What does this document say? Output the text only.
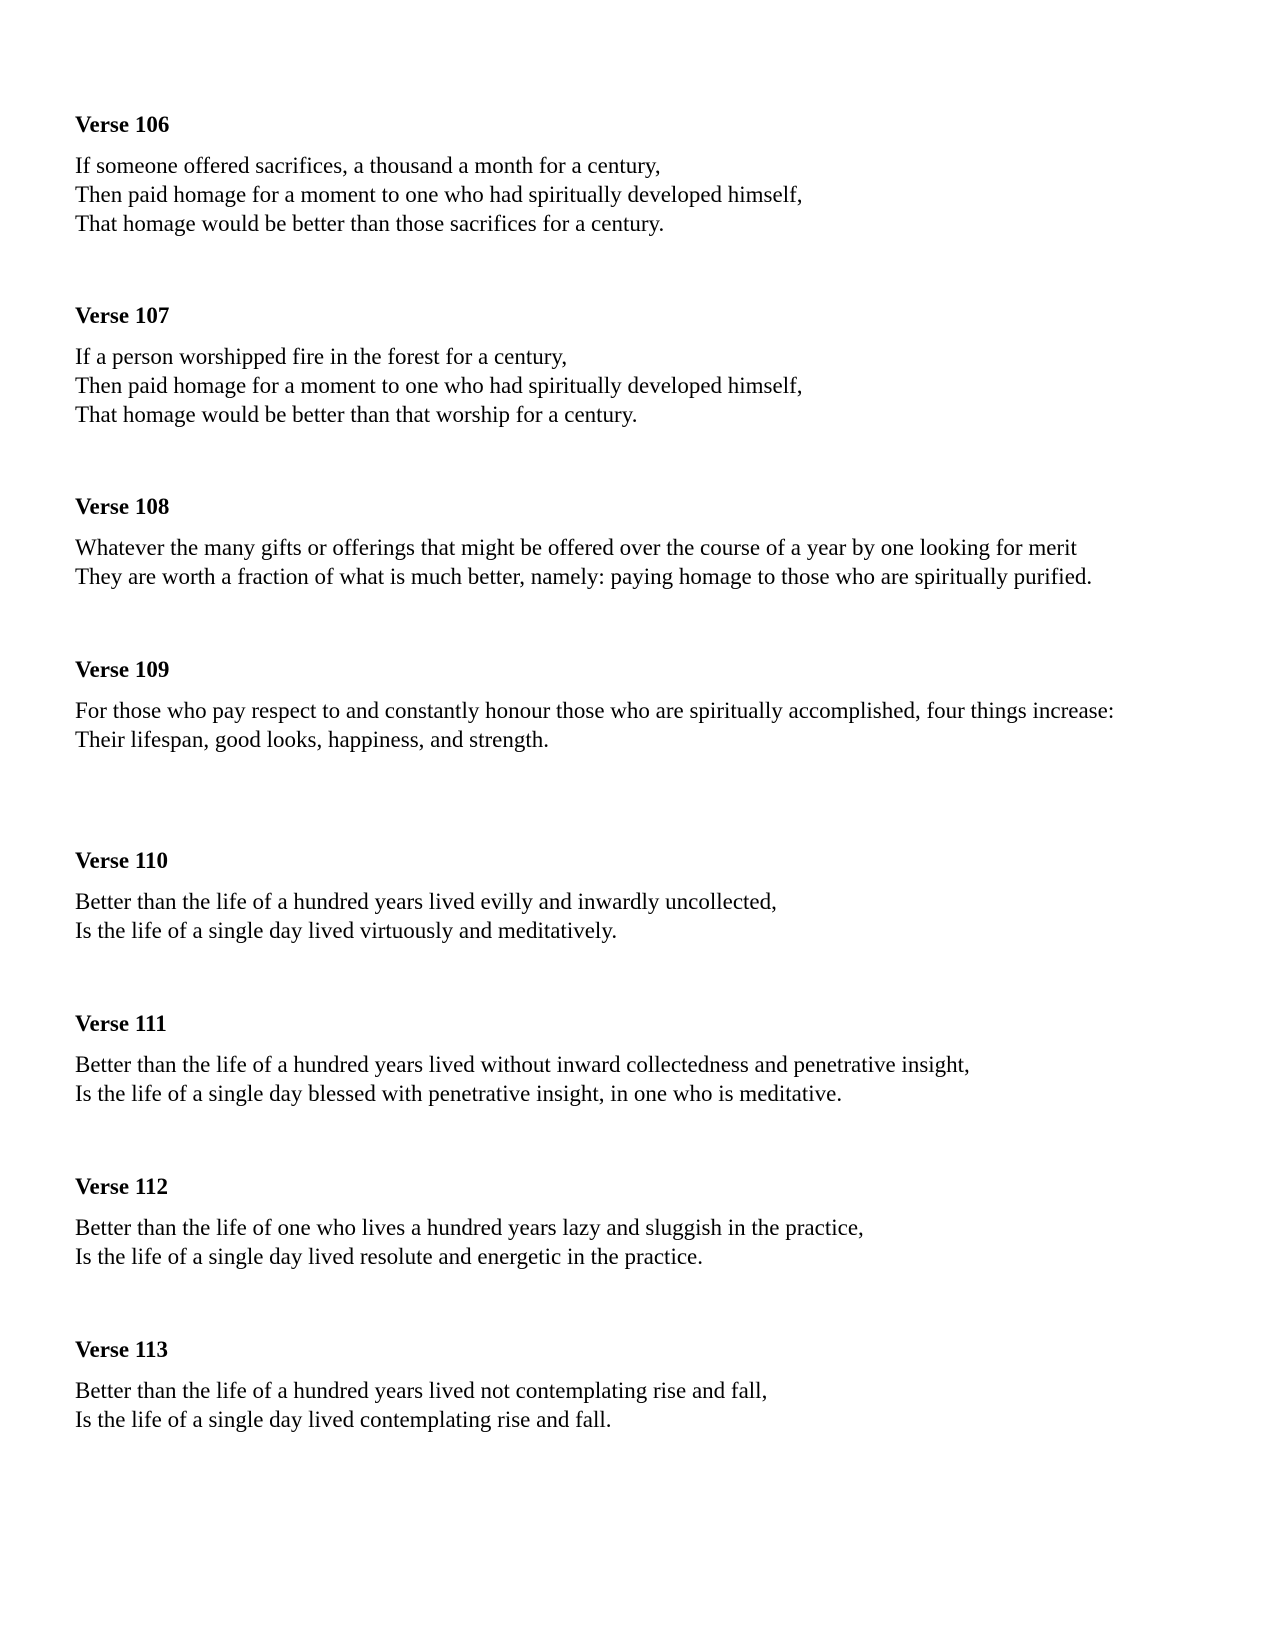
Verse 106
If someone offered sacrifices, a thousand a month for a century,
Then paid homage for a moment to one who had spiritually developed himself,
That homage would be better than those sacrifices for a century.
Verse 107
If a person worshipped fire in the forest for a century,
Then paid homage for a moment to one who had spiritually developed himself,
That homage would be better than that worship for a century.
Verse 108
Whatever the many gifts or offerings that might be offered over the course of a year by one looking for merit
They are worth a fraction of what is much better, namely: paying homage to those who are spiritually purified.
Verse 109
For those who pay respect to and constantly honour those who are spiritually accomplished, four things increase:
Their lifespan, good looks, happiness, and strength.
Verse 110
Better than the life of a hundred years lived evilly and inwardly uncollected,
Is the life of a single day lived virtuously and meditatively.
Verse 111
Better than the life of a hundred years lived without inward collectedness and penetrative insight,
Is the life of a single day blessed with penetrative insight, in one who is meditative.
Verse 112
Better than the life of one who lives a hundred years lazy and sluggish in the practice,
Is the life of a single day lived resolute and energetic in the practice.
Verse 113
Better than the life of a hundred years lived not contemplating rise and fall,
Is the life of a single day lived contemplating rise and fall.
